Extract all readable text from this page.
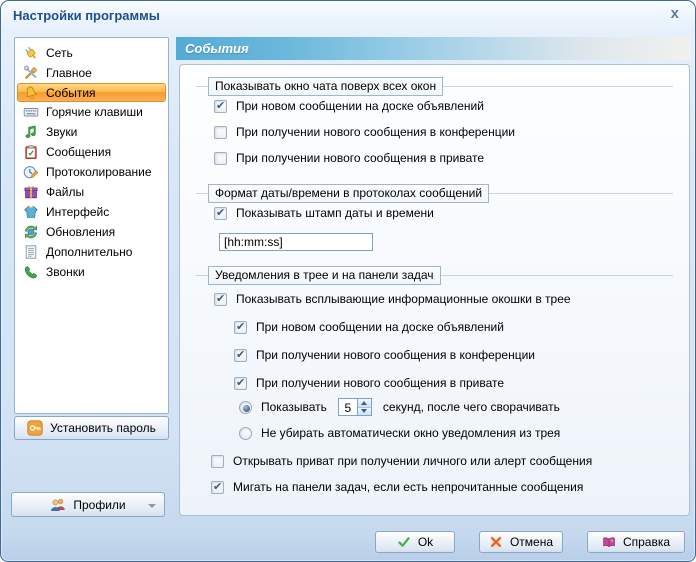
Настройки программы	x
Сеть
Главное
События
Горячие клавиши
Звуки
Сообщения
Протоколирование
Файлы
Интерфейс
Обновления
Дополнительно
Звонки
Установить пароль
Профили
События
Показывать окно чата поверх всех окон
✔
При новом сообщении на доске объявлений
При получении нового сообщения в конференции
При получении нового сообщения в привате
Формат даты/времени в протоколах сообщений
✔
Показывать штамп даты и времени
[hh:mm:ss]
Уведомления в трее и на панели задач
✔
Показывать всплывающие информационные окошки в трее
✔
При новом сообщении на доске объявлений
✔
При получении нового сообщения в конференции
✔
При получении нового сообщения в привате
Показывать	5	секунд, после чего сворачивать
Не убирать автоматически окно уведомления из трея
Открывать приват при получении личного или алерт сообщения
✔
Мигать на панели задач, если есть непрочитанные сообщения
Ok	Отмена	Справка
